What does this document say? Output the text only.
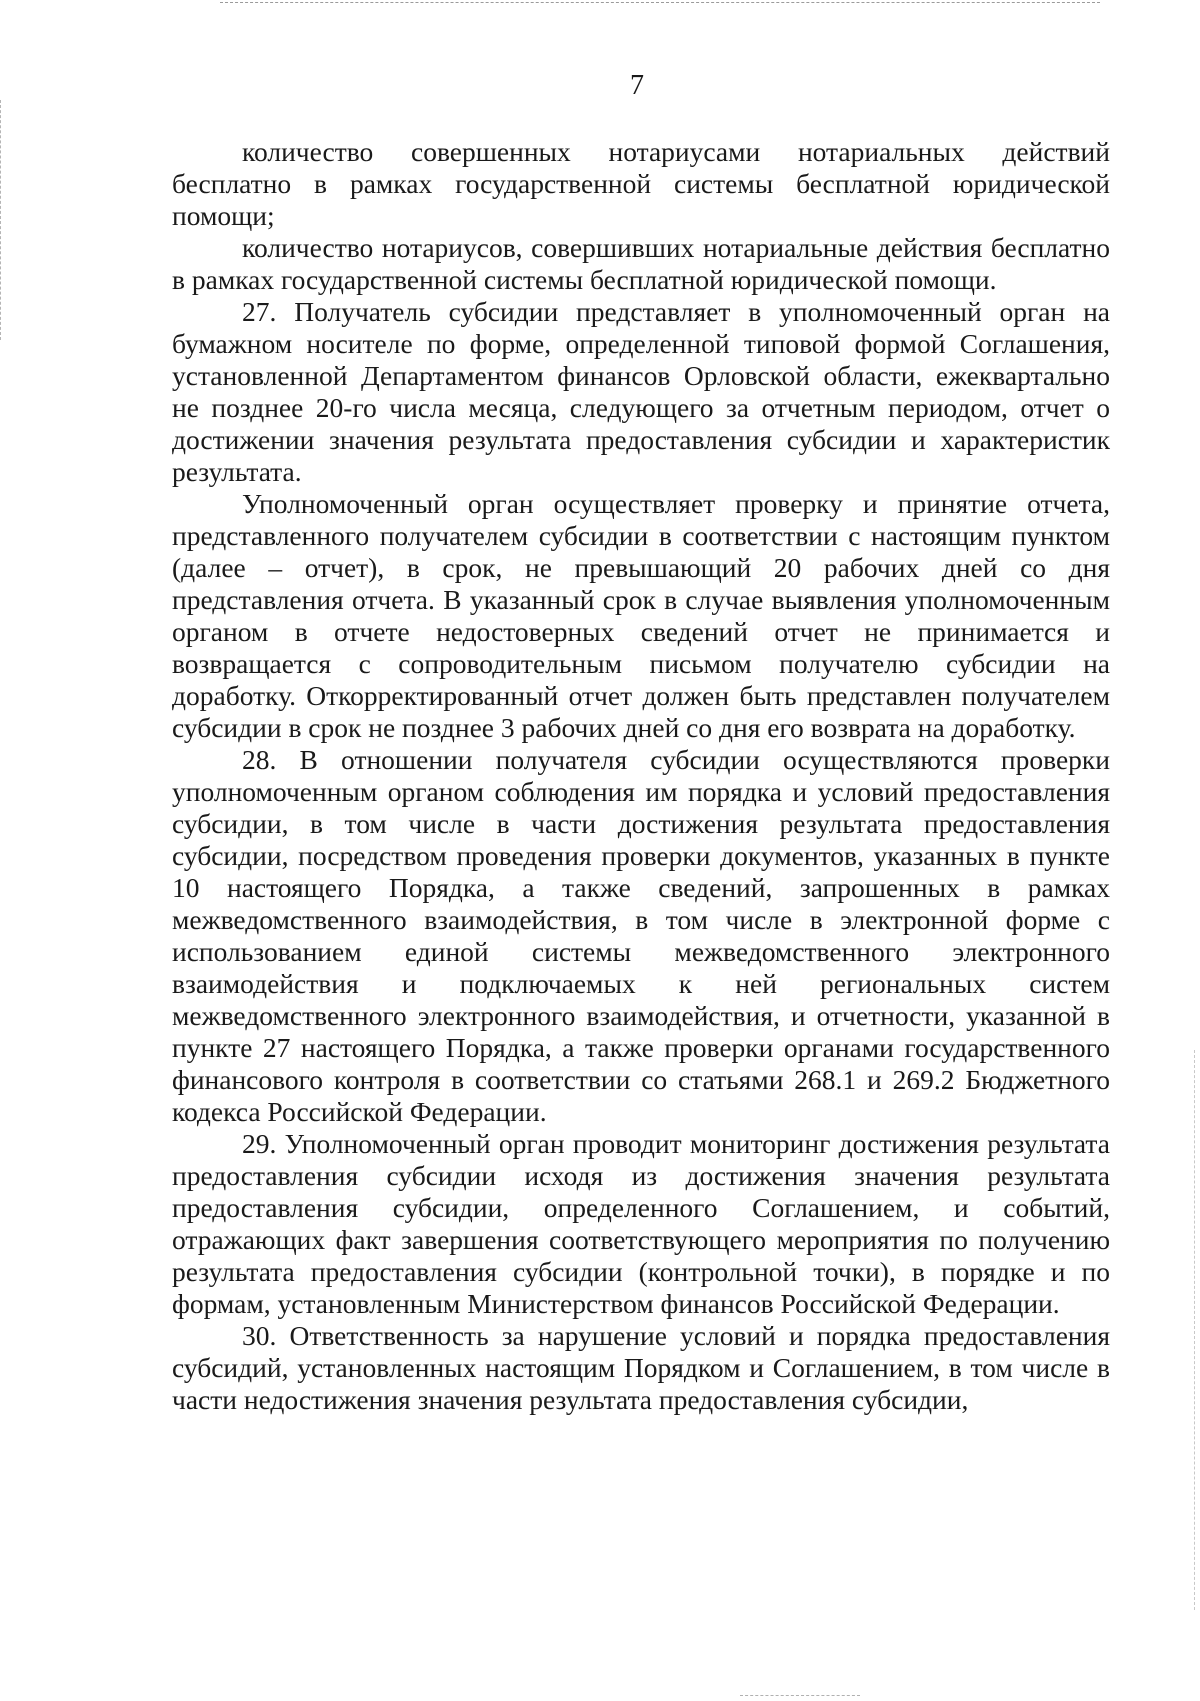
7

количество совершенных нотариусами нотариальных действий бесплатно в рамках государственной системы бесплатной юридической помощи;

количество нотариусов, совершивших нотариальные действия бесплатно в рамках государственной системы бесплатной юридической помощи.

27. Получатель субсидии представляет в уполномоченный орган на бумажном носителе по форме, определенной типовой формой Соглашения, установленной Департаментом финансов Орловской области, ежеквартально не позднее 20-го числа месяца, следующего за отчетным периодом, отчет о достижении значения результата предоставления субсидии и характеристик результата.

Уполномоченный орган осуществляет проверку и принятие отчета, представленного получателем субсидии в соответствии с настоящим пунктом (далее – отчет), в срок, не превышающий 20 рабочих дней со дня представления отчета. В указанный срок в случае выявления уполномоченным органом в отчете недостоверных сведений отчет не принимается и возвращается с сопроводительным письмом получателю субсидии на доработку. Откорректированный отчет должен быть представлен получателем субсидии в срок не позднее 3 рабочих дней со дня его возврата на доработку.

28. В отношении получателя субсидии осуществляются проверки уполномоченным органом соблюдения им порядка и условий предоставления субсидии, в том числе в части достижения результата предоставления субсидии, посредством проведения проверки документов, указанных в пункте 10 настоящего Порядка, а также сведений, запрошенных в рамках межведомственного взаимодействия, в том числе в электронной форме с использованием единой системы межведомственного электронного взаимодействия и подключаемых к ней региональных систем межведомственного электронного взаимодействия, и отчетности, указанной в пункте 27 настоящего Порядка, а также проверки органами государственного финансового контроля в соответствии со статьями 268.1 и 269.2 Бюджетного кодекса Российской Федерации.

29. Уполномоченный орган проводит мониторинг достижения результата предоставления субсидии исходя из достижения значения результата предоставления субсидии, определенного Соглашением, и событий, отражающих факт завершения соответствующего мероприятия по получению результата предоставления субсидии (контрольной точки), в порядке и по формам, установленным Министерством финансов Российской Федерации.

30. Ответственность за нарушение условий и порядка предоставления субсидий, установленных настоящим Порядком и Соглашением, в том числе в части недостижения значения результата предоставления субсидии,
